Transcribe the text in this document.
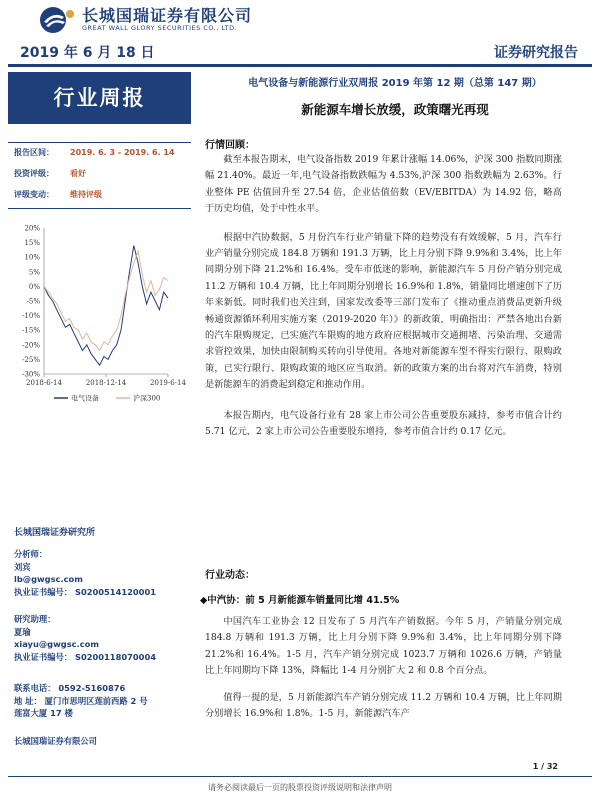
长城国瑞证券有限公司
GREAT WALL GLORY SECURITIES CO., LTD.
2019 年 6 月 18 日	证券研究报告
行业周报
电气设备与新能源行业双周报 2019 年第 12 期（总第 147 期）
新能源车增长放缓，政策曙光再现
报告区间： 2019. 6. 3 - 2019. 6. 14
投资评级： 看好
评级变动： 维持评级
20%
15%
10%
5%
0%
-5%
-10%
-15%
-20%
-25%
-30%
2018-6-14	2018-12-14	2019-6-14
电气设备	沪深300
长城国瑞证券研究所
分析师：
刘宾
lb@gwgsc.com
执业证书编号： S0200514120001
研究助理：
夏瑜
xiayu@gwgsc.com
执业证书编号： S0200118070004
联系电话： 0592-5160876
地 址： 厦门市思明区莲前西路 2 号
莲富大厦 17 楼
长城国瑞证券有限公司
行情回顾：

截至本报告期末，电气设备指数 2019 年累计涨幅 14.06%，沪深 300 指数同期涨幅 21.40%。最近一年,电气设备指数跌幅为 4.53%,沪深 300 指数跌幅为 2.63%。行业整体 PE 估值回升至 27.54 倍，企业估值倍数（EV/EBITDA）为 14.92 倍，略高于历史均值，处于中性水平。

根据中汽协数据，5 月份汽车行业产销量下降的趋势没有有效缓解，5 月，汽车行业产销量分别完成 184.8 万辆和 191.3 万辆，比上月分别下降 9.9%和 3.4%，比上年同期分别下降 21.2%和 16.4%。受车市低迷的影响，新能源汽车 5 月份产销分别完成 11.2 万辆和 10.4 万辆，比上年同期分别增长 16.9%和 1.8%，销量同比增速创下了历年来新低。同时我们也关注到，国家发改委等三部门发布了《推动重点消费品更新升级 畅通资源循环利用实施方案（2019-2020 年）》的新政策，明确指出：严禁各地出台新的汽车限购规定，已实施汽车限购的地方政府应根据城市交通拥堵、污染治理、交通需求管控效果，加快由限制购买转向引导使用。各地对新能源车型不得实行限行、限购政策，已实行限行、限购政策的地区应当取消。新的政策方案的出台将对汽车消费，特别是新能源车的消费起到稳定和推动作用。

本报告期内，电气设备行业有 28 家上市公司公告重要股东减持，参考市值合计约 5.71 亿元，2 家上市公司公告重要股东增持，参考市值合计约 0.17 亿元。

行业动态：
◆中汽协：前 5 月新能源车销量同比增 41.5%

中国汽车工业协会 12 日发布了 5 月汽车产销数据。今年 5 月，产销量分别完成 184.8 万辆和 191.3 万辆，比上月分别下降 9.9%和 3.4%，比上年同期分别下降 21.2%和 16.4%。1-5 月，汽车产销分别完成 1023.7 万辆和 1026.6 万辆，产销量比上年同期均下降 13%，降幅比 1-4 月分别扩大 2 和 0.8 个百分点。

值得一提的是，5 月新能源汽车产销分别完成 11.2 万辆和 10.4 万辆，比上年同期分别增长 16.9%和 1.8%。1-5 月，新能源汽车产

1 / 32
请务必阅读最后一页的股票投资评级说明和法律声明
